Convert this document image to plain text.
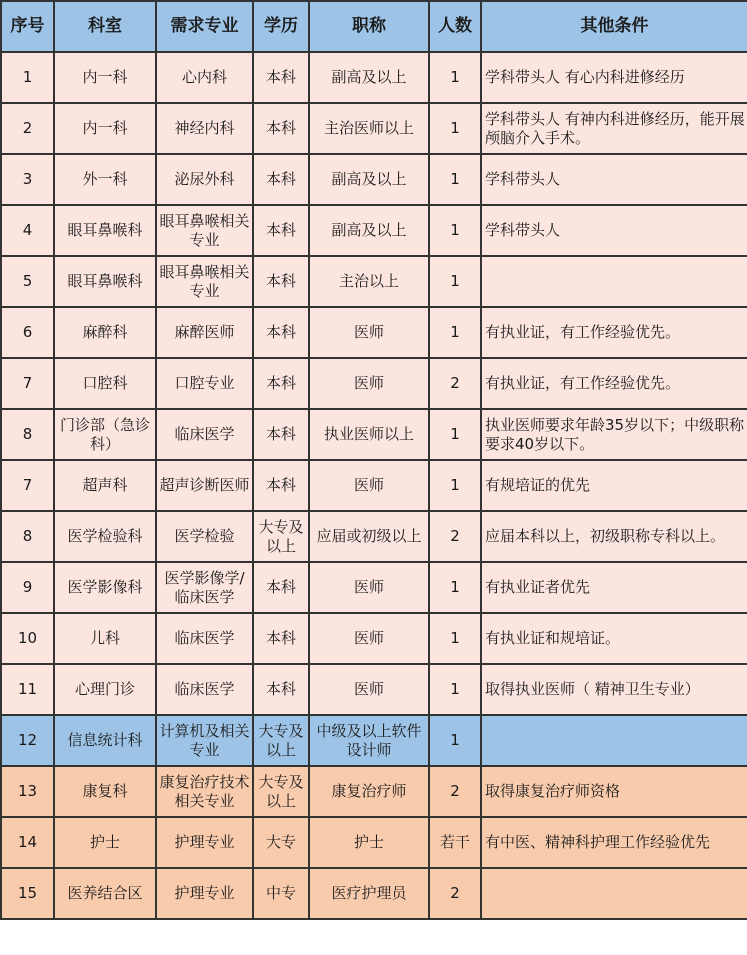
序号	科室	需求专业	学历	职称	人数	其他条件
1	内一科	心内科	本科	副高及以上	1	学科带头人 有心内科进修经历
2	内一科	神经内科	本科	主治医师以上	1	学科带头人 有神内科进修经历，能开展颅脑介入手术。
3	外一科	泌尿外科	本科	副高及以上	1	学科带头人
4	眼耳鼻喉科	眼耳鼻喉相关专业	本科	副高及以上	1	学科带头人
5	眼耳鼻喉科	眼耳鼻喉相关专业	本科	主治以上	1	
6	麻醉科	麻醉医师	本科	医师	1	有执业证，有工作经验优先。
7	口腔科	口腔专业	本科	医师	2	有执业证，有工作经验优先。
8	门诊部（急诊科）	临床医学	本科	执业医师以上	1	执业医师要求年龄35岁以下；中级职称要求40岁以下。
7	超声科	超声诊断医师	本科	医师	1	有规培证的优先
8	医学检验科	医学检验	大专及以上	应届或初级以上	2	应届本科以上，初级职称专科以上。
9	医学影像科	医学影像学/临床医学	本科	医师	1	有执业证者优先
10	儿科	临床医学	本科	医师	1	有执业证和规培证。
11	心理门诊	临床医学	本科	医师	1	取得执业医师（ 精神卫生专业）
12	信息统计科	计算机及相关专业	大专及以上	中级及以上软件设计师	1	
13	康复科	康复治疗技术相关专业	大专及以上	康复治疗师	2	取得康复治疗师资格
14	护士	护理专业	大专	护士	若干	有中医、精神科护理工作经验优先
15	医养结合区	护理专业	中专	医疗护理员	2	
